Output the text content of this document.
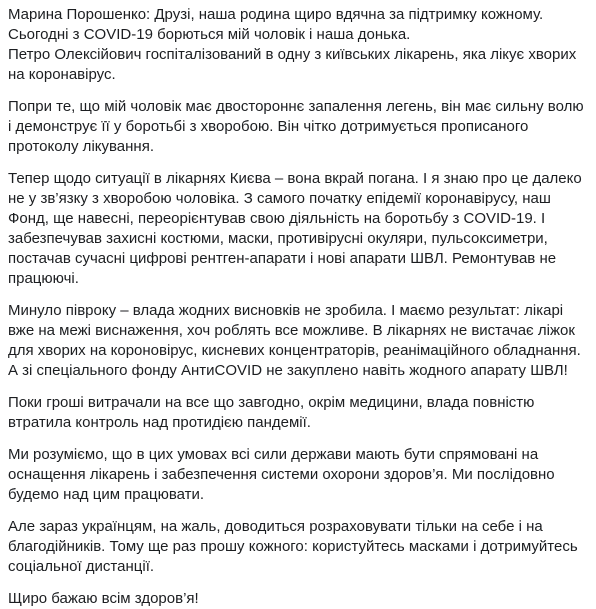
Марина Порошенко: Друзі, наша родина щиро вдячна за підтримку кожному. Сьогодні з COVID-19 борються мій чоловік і наша донька.
Петро Олексійович госпіталізований в одну з київських лікарень, яка лікує хворих на коронавірус.

Попри те, що мій чоловік має двостороннє запалення легень, він має сильну волю і демонструє її у боротьбі з хворобою. Він чітко дотримується прописаного протоколу лікування.

Тепер щодо ситуації в лікарнях Києва – вона вкрай погана. І я знаю про це далеко не у зв’язку з хворобою чоловіка. З самого початку епідемії коронавірусу, наш Фонд, ще навесні, переорієнтував свою діяльність на боротьбу з COVID-19. І забезпечував захисні костюми, маски, противірусні окуляри, пульсоксиметри, постачав сучасні цифрові рентген-апарати і нові апарати ШВЛ. Ремонтував не працюючі.

Минуло півроку – влада жодних висновків не зробила. І маємо результат: лікарі вже на межі виснаження, хоч роблять все можливе. В лікарнях не вистачає ліжок для хворих на короновірус, кисневих концентраторів, реанімаційного обладнання. А зі спеціального фонду АнтиCOVID не закуплено навіть жодного апарату ШВЛ!

Поки гроші витрачали на все що завгодно, окрім медицини, влада повністю втратила контроль над протидією пандемії.

Ми розуміємо, що в цих умовах всі сили держави мають бути спрямовані на оснащення лікарень і забезпечення системи охорони здоров’я. Ми послідовно будемо над цим працювати.

Але зараз українцям, на жаль, доводиться розраховувати тільки на себе і на благодійників. Тому ще раз прошу кожного: користуйтесь масками і дотримуйтесь соціальної дистанції.

Щиро бажаю всім здоров’я!
